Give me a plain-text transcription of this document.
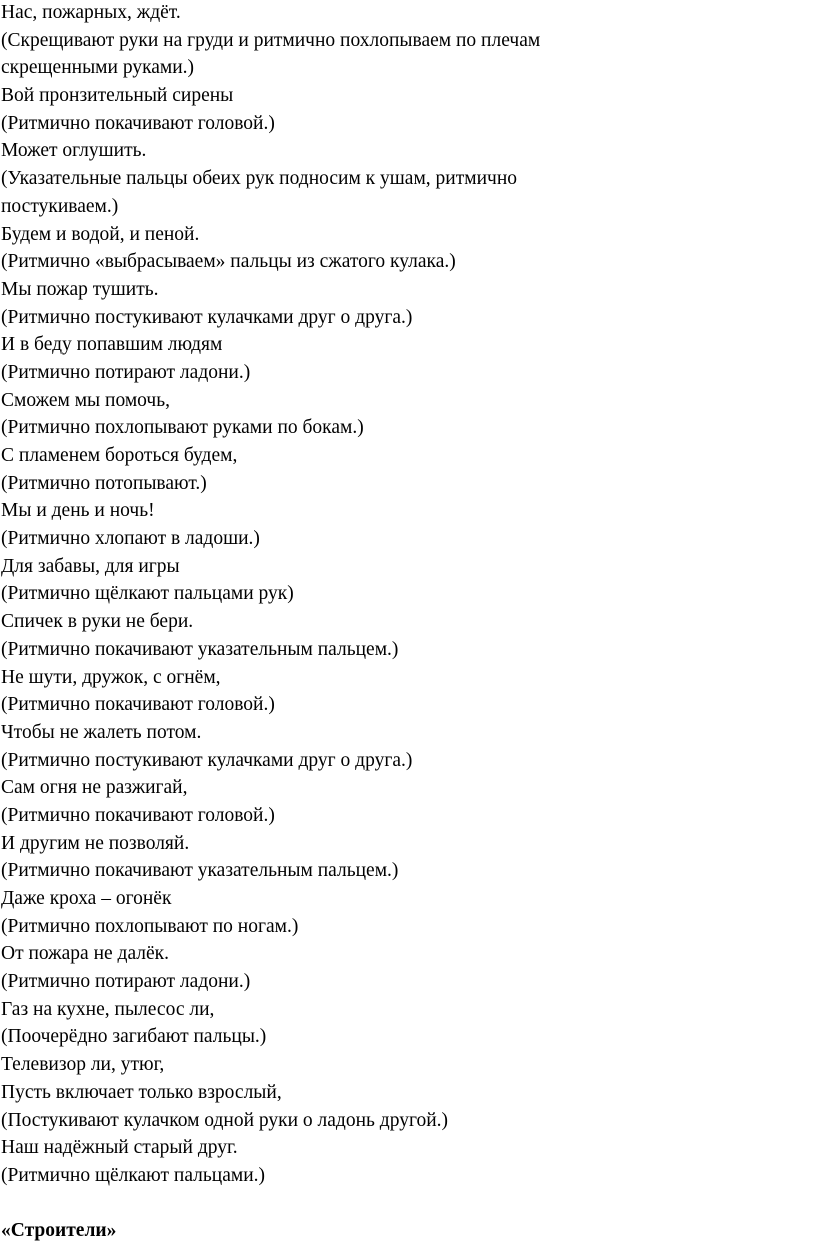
Нас, пожарных, ждёт.
(Скрещивают руки на груди и ритмично похлопываем по плечам
скрещенными руками.)
Вой пронзительный сирены
(Ритмично покачивают головой.)
Может оглушить.
(Указательные пальцы обеих рук подносим к ушам, ритмично
постукиваем.)
Будем и водой, и пеной.
(Ритмично «выбрасываем» пальцы из сжатого кулака.)
Мы пожар тушить.
(Ритмично постукивают кулачками друг о друга.)
И в беду попавшим людям
(Ритмично потирают ладони.)
Сможем мы помочь,
(Ритмично похлопывают руками по бокам.)
С пламенем бороться будем,
(Ритмично потопывают.)
Мы и день и ночь!
(Ритмично хлопают в ладоши.)
Для забавы, для игры
(Ритмично щёлкают пальцами рук)
Спичек в руки не бери.
(Ритмично покачивают указательным пальцем.)
Не шути, дружок, с огнём,
(Ритмично покачивают головой.)
Чтобы не жалеть потом.
(Ритмично постукивают кулачками друг о друга.)
Сам огня не разжигай,
(Ритмично покачивают головой.)
И другим не позволяй.
(Ритмично покачивают указательным пальцем.)
Даже кроха – огонёк
(Ритмично похлопывают по ногам.)
От пожара не далёк.
(Ритмично потирают ладони.)
Газ на кухне, пылесос ли,
(Поочерёдно загибают пальцы.)
Телевизор ли, утюг,
Пусть включает только взрослый,
(Постукивают кулачком одной руки о ладонь другой.)
Наш надёжный старый друг.
(Ритмично щёлкают пальцами.)
«Строители»
